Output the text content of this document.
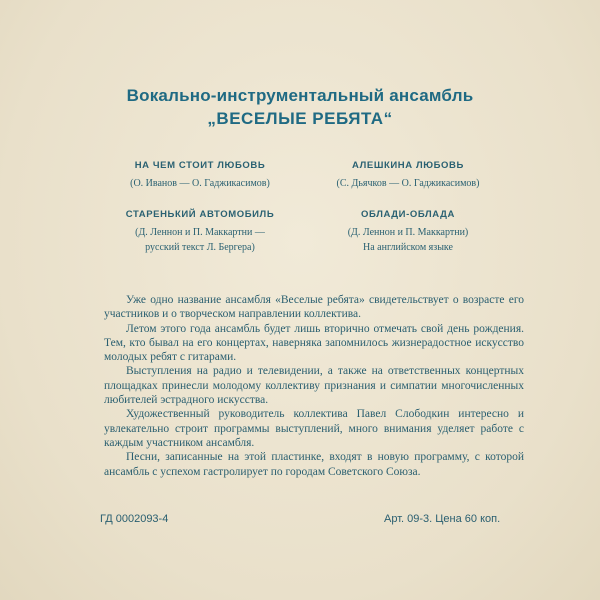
Вокально-инструментальный ансамбль
„ВЕСЕЛЫЕ РЕБЯТА“
НА ЧЕМ СТОИТ ЛЮБОВЬ
(О. Иванов — О. Гаджикасимов)
АЛЕШКИНА ЛЮБОВЬ
(С. Дьячков — О. Гаджикасимов)
СТАРЕНЬКИЙ АВТОМОБИЛЬ
(Д. Леннон и П. Маккартни —
русский текст Л. Бергера)
ОБЛАДИ-ОБЛАДА
(Д. Леннон и П. Маккартни)
На английском языке

Уже одно название ансамбля «Веселые ребята» свидетельствует о возрасте его участников и о творческом направлении коллектива.

Летом этого года ансамбль будет лишь вторично отмечать свой день рождения. Тем, кто бывал на его концертах, наверняка запомнилось жизнерадостное искусство молодых ребят с гитарами.

Выступления на радио и телевидении, а также на ответственных концертных площадках принесли молодому коллективу признания и симпатии многочисленных любителей эстрадного искусства.

Художественный руководитель коллектива Павел Слободкин интересно и увлекательно строит программы выступлений, много внимания уделяет работе с каждым участником ансамбля.

Песни, записанные на этой пластинке, входят в новую программу, с которой ансамбль с успехом гастролирует по городам Советского Союза.

ГД 0002093-4	Арт. 09-3. Цена 60 коп.
